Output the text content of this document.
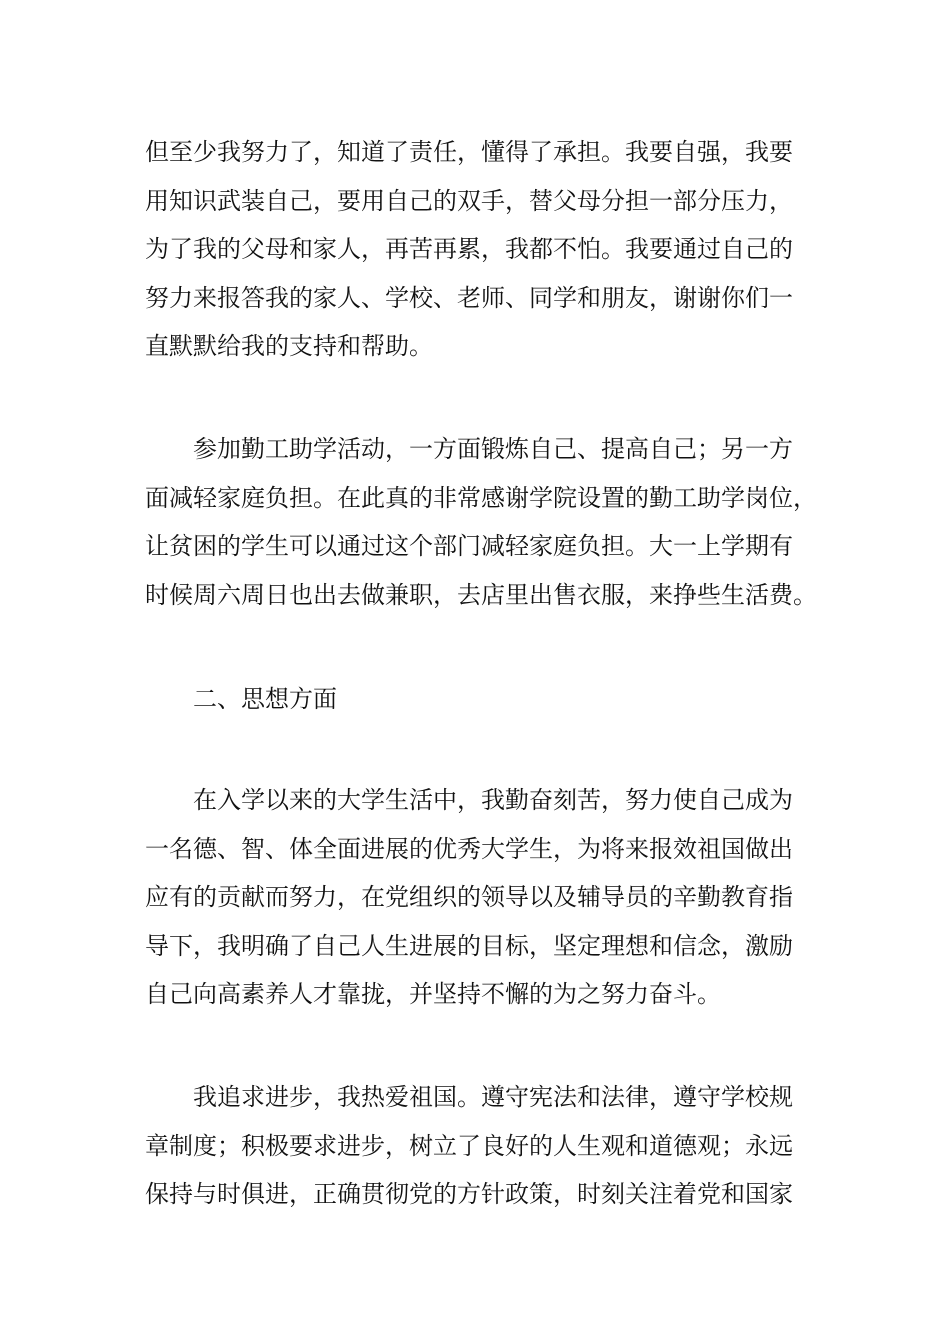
但至少我努力了，知道了责任，懂得了承担。我要自强，我要
用知识武装自己，要用自己的双手，替父母分担一部分压力，
为了我的父母和家人，再苦再累，我都不怕。我要通过自己的
努力来报答我的家人、学校、老师、同学和朋友，谢谢你们一
直默默给我的支持和帮助。
参加勤工助学活动，一方面锻炼自己、提高自己；另一方
面减轻家庭负担。在此真的非常感谢学院设置的勤工助学岗位，
让贫困的学生可以通过这个部门减轻家庭负担。大一上学期有
时候周六周日也出去做兼职，去店里出售衣服，来挣些生活费。
二、思想方面
在入学以来的大学生活中，我勤奋刻苦，努力使自己成为
一名德、智、体全面进展的优秀大学生，为将来报效祖国做出
应有的贡献而努力，在党组织的领导以及辅导员的辛勤教育指
导下，我明确了自己人生进展的目标，坚定理想和信念，激励
自己向高素养人才靠拢，并坚持不懈的为之努力奋斗。
我追求进步，我热爱祖国。遵守宪法和法律，遵守学校规
章制度；积极要求进步，树立了良好的人生观和道德观；永远
保持与时俱进，正确贯彻党的方针政策，时刻关注着党和国家
